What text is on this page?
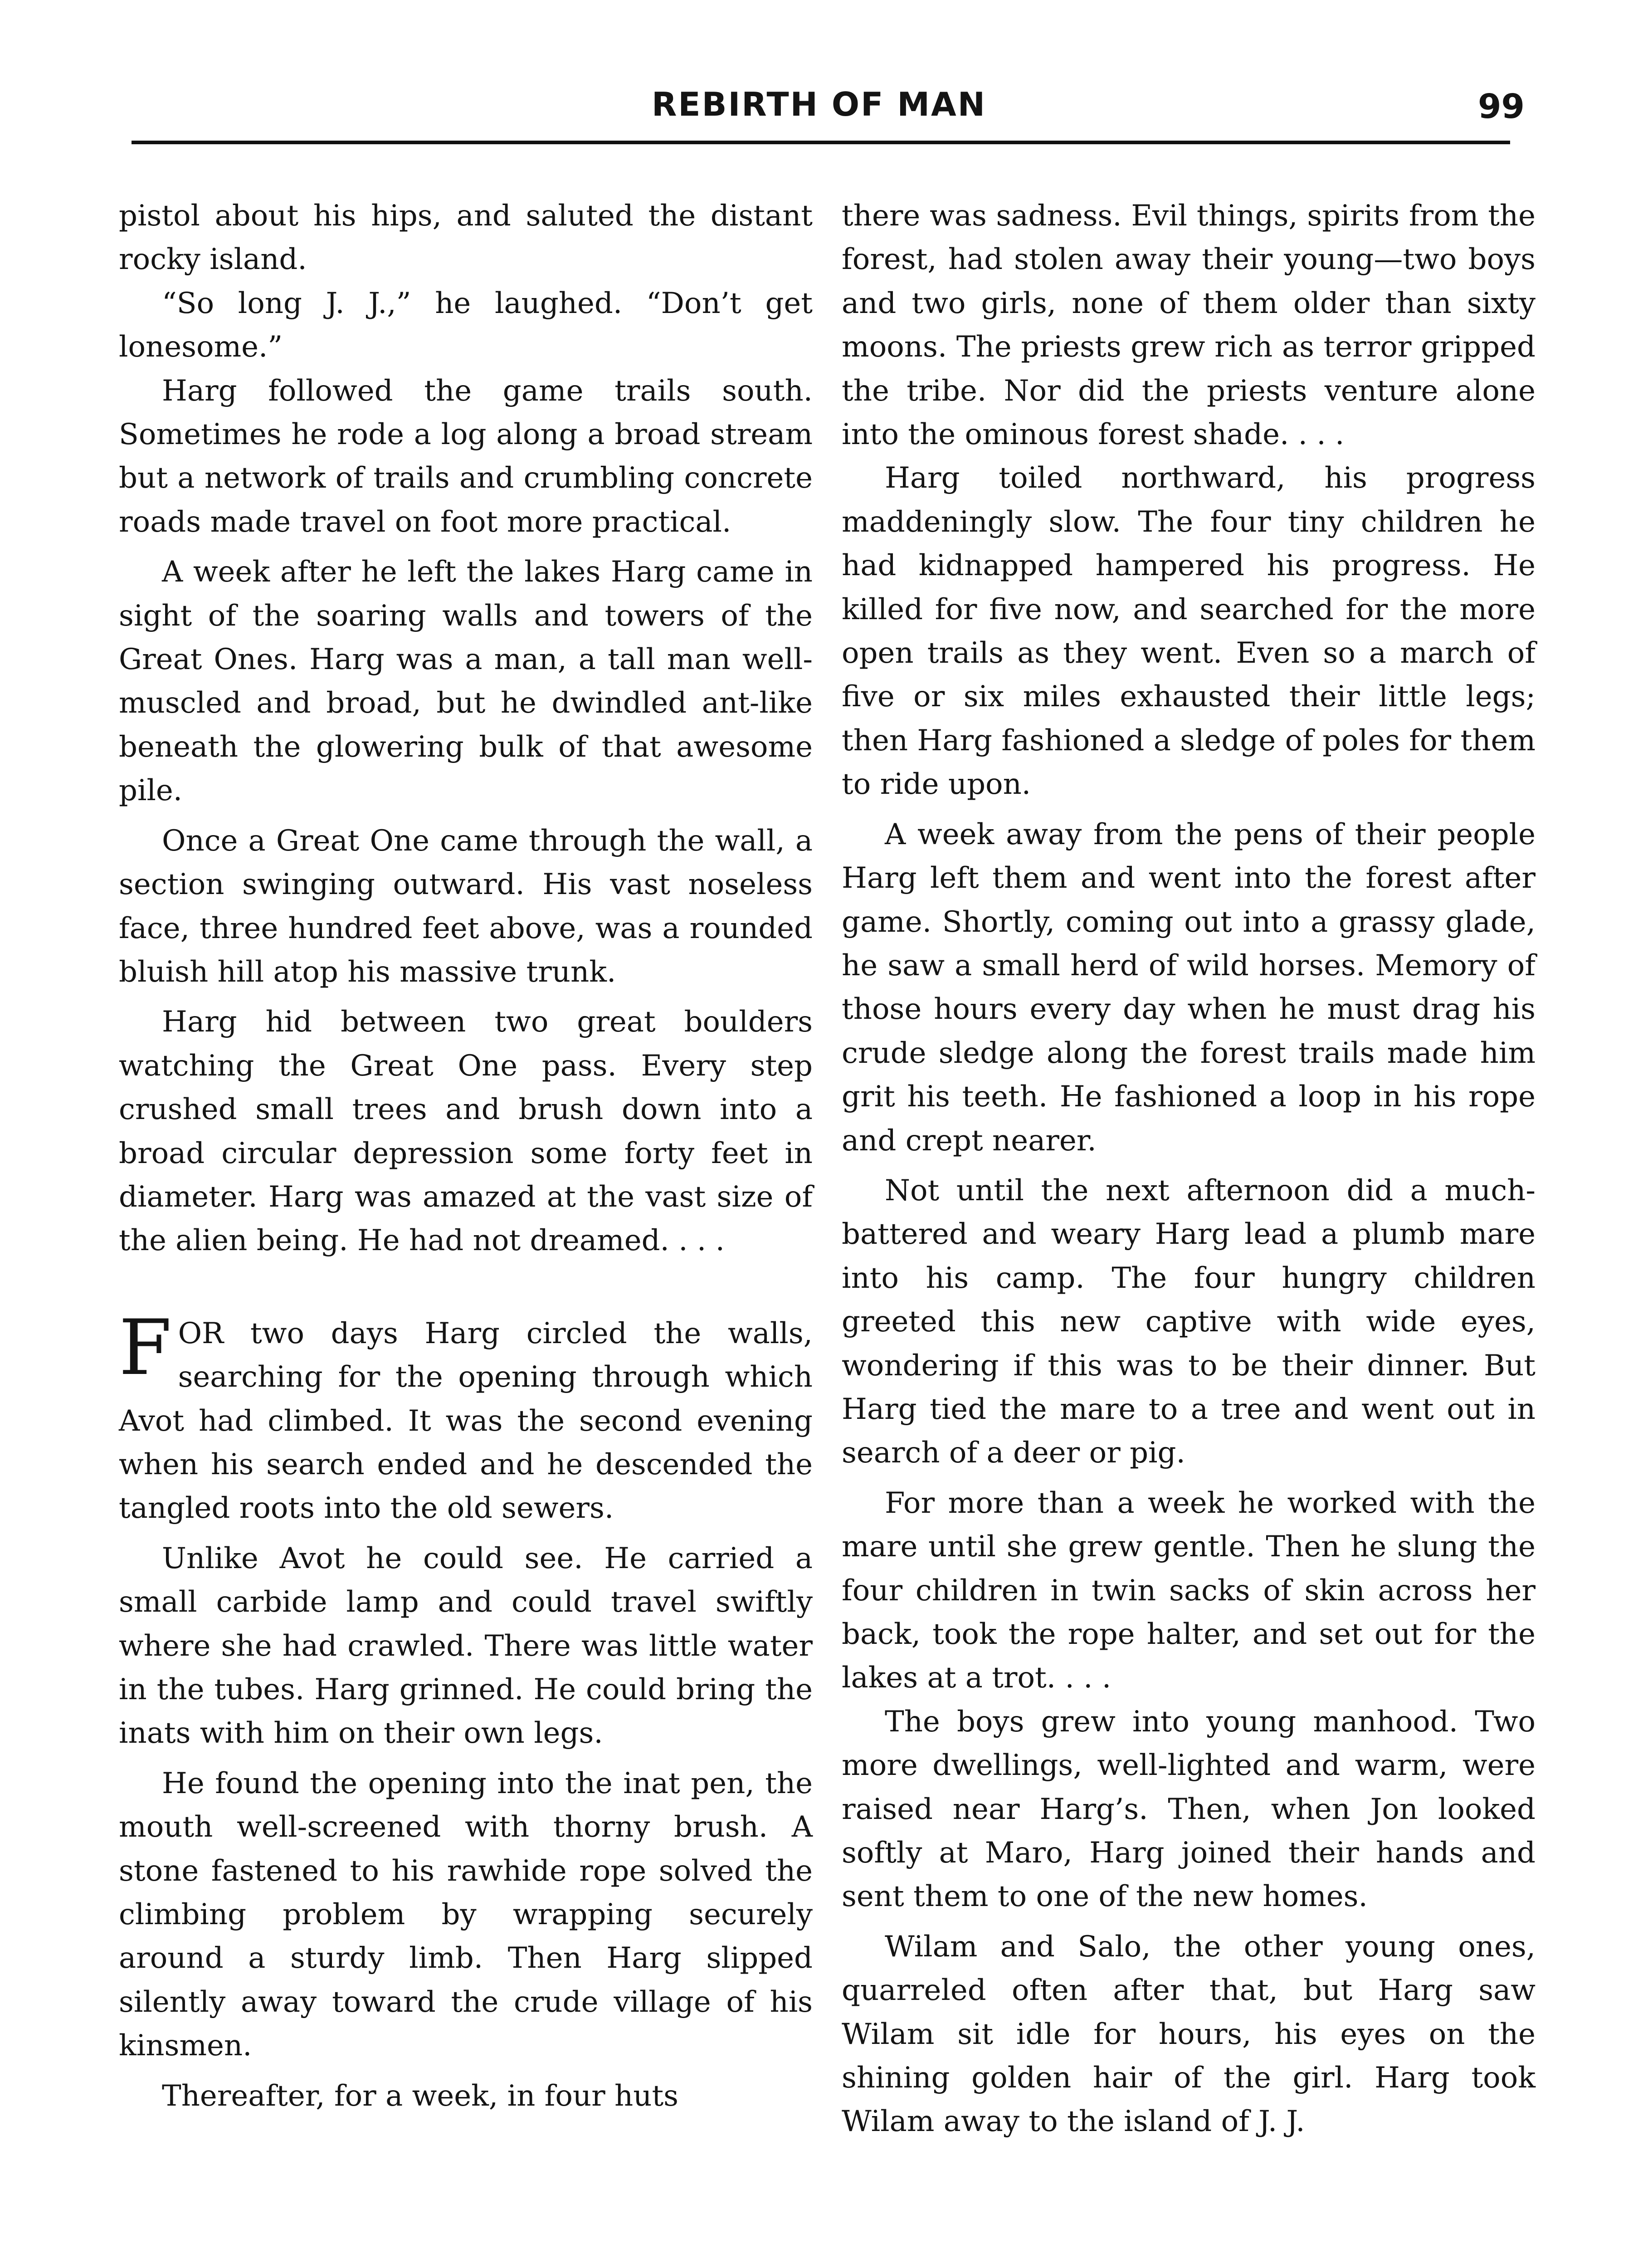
REBIRTH OF MAN	99

pistol about his hips, and saluted the distant rocky island.

“So long J. J.,” he laughed. “Don’t get lonesome.”

Harg followed the game trails south. Sometimes he rode a log along a broad stream but a network of trails and crumbling concrete roads made travel on foot more practical.

A week after he left the lakes Harg came in sight of the soaring walls and towers of the Great Ones. Harg was a man, a tall man well-muscled and broad, but he dwindled ant-like beneath the glowering bulk of that awesome pile.

Once a Great One came through the wall, a section swinging outward. His vast noseless face, three hundred feet above, was a rounded bluish hill atop his massive trunk.

Harg hid between two great boulders watching the Great One pass. Every step crushed small trees and brush down into a broad circular depression some forty feet in diameter. Harg was amazed at the vast size of the alien being. He had not dreamed. . . .

FOR two days Harg circled the walls, searching for the opening through which Avot had climbed. It was the second evening when his search ended and he descended the tangled roots into the old sewers.

Unlike Avot he could see. He carried a small carbide lamp and could travel swiftly where she had crawled. There was little water in the tubes. Harg grinned. He could bring the inats with him on their own legs.

He found the opening into the inat pen, the mouth well-screened with thorny brush. A stone fastened to his rawhide rope solved the climbing problem by wrapping securely around a sturdy limb. Then Harg slipped silently away toward the crude village of his kinsmen.

Thereafter, for a week, in four huts

there was sadness. Evil things, spirits from the forest, had stolen away their young—two boys and two girls, none of them older than sixty moons. The priests grew rich as terror gripped the tribe. Nor did the priests venture alone into the ominous forest shade. . . .

Harg toiled northward, his progress maddeningly slow. The four tiny children he had kidnapped hampered his progress. He killed for five now, and searched for the more open trails as they went. Even so a march of five or six miles exhausted their little legs; then Harg fashioned a sledge of poles for them to ride upon.

A week away from the pens of their people Harg left them and went into the forest after game. Shortly, coming out into a grassy glade, he saw a small herd of wild horses. Memory of those hours every day when he must drag his crude sledge along the forest trails made him grit his teeth. He fashioned a loop in his rope and crept nearer.

Not until the next afternoon did a much-battered and weary Harg lead a plumb mare into his camp. The four hungry children greeted this new captive with wide eyes, wondering if this was to be their dinner. But Harg tied the mare to a tree and went out in search of a deer or pig.

For more than a week he worked with the mare until she grew gentle. Then he slung the four children in twin sacks of skin across her back, took the rope halter, and set out for the lakes at a trot. . . .

The boys grew into young manhood. Two more dwellings, well-lighted and warm, were raised near Harg’s. Then, when Jon looked softly at Maro, Harg joined their hands and sent them to one of the new homes.

Wilam and Salo, the other young ones, quarreled often after that, but Harg saw Wilam sit idle for hours, his eyes on the shining golden hair of the girl. Harg took Wilam away to the island of J. J.
